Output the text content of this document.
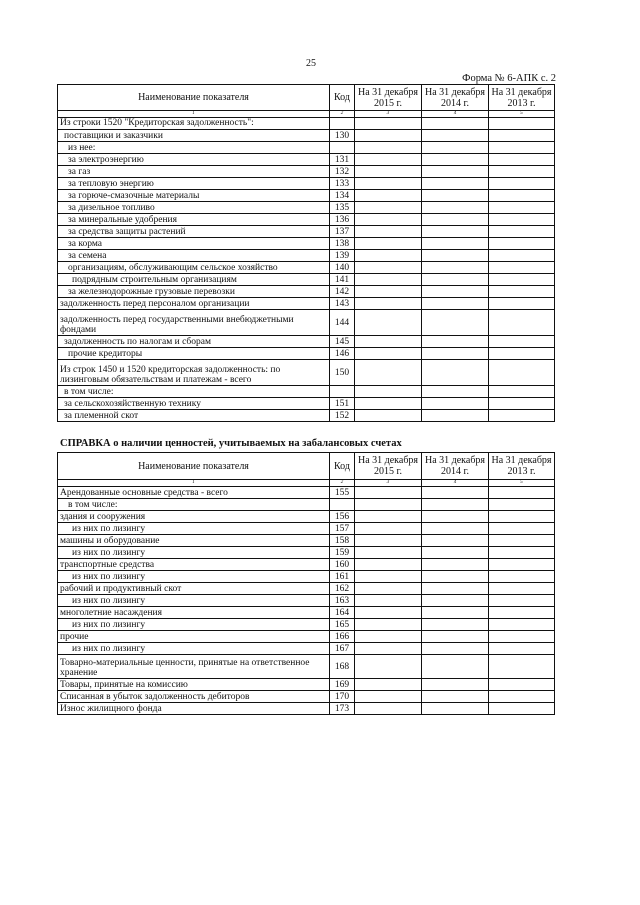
25
Форма № 6-АПК с. 2
Наименование показателя	Код	На 31 декабря 2015 г.	На 31 декабря 2014 г.	На 31 декабря 2013 г.
1	2	3	4	5
Из строки 1520 "Кредиторская задолженность":				
поставщики и заказчики	130			
из нее:				
за электроэнергию	131			
за газ	132			
за тепловую энергию	133			
за горюче-смазочные материалы	134			
за дизельное топливо	135			
за минеральные удобрения	136			
за средства защиты растений	137			
за корма	138			
за семена	139			
организациям, обслуживающим сельское хозяйство	140			
подрядным строительным организациям	141			
за железнодорожные грузовые перевозки	142			
задолженность перед персоналом организации	143			
задолженность перед государственными внебюджетными фондами	144			
задолженность по налогам и сборам	145			
прочие кредиторы	146			
Из строк 1450 и 1520 кредиторская задолженность: по лизинговым обязательствам и платежам - всего	150			
в том числе:				
за сельскохозяйственную технику	151			
за племенной скот	152			
СПРАВКА о наличии ценностей, учитываемых на забалансовых счетах
Наименование показателя	Код	На 31 декабря 2015 г.	На 31 декабря 2014 г.	На 31 декабря 2013 г.
1	2	3	4	5
Арендованные основные средства - всего	155			
в том числе:				
здания и сооружения	156			
из них по лизингу	157			
машины и оборудование	158			
из них по лизингу	159			
транспортные средства	160			
из них по лизингу	161			
рабочий и продуктивный скот	162			
из них по лизингу	163			
многолетние насаждения	164			
из них по лизингу	165			
прочие	166			
из них по лизингу	167			
Товарно-материальные ценности, принятые на ответственное хранение	168			
Товары, принятые на комиссию	169			
Списанная в убыток задолженность дебиторов	170			
Износ жилищного фонда	173			
